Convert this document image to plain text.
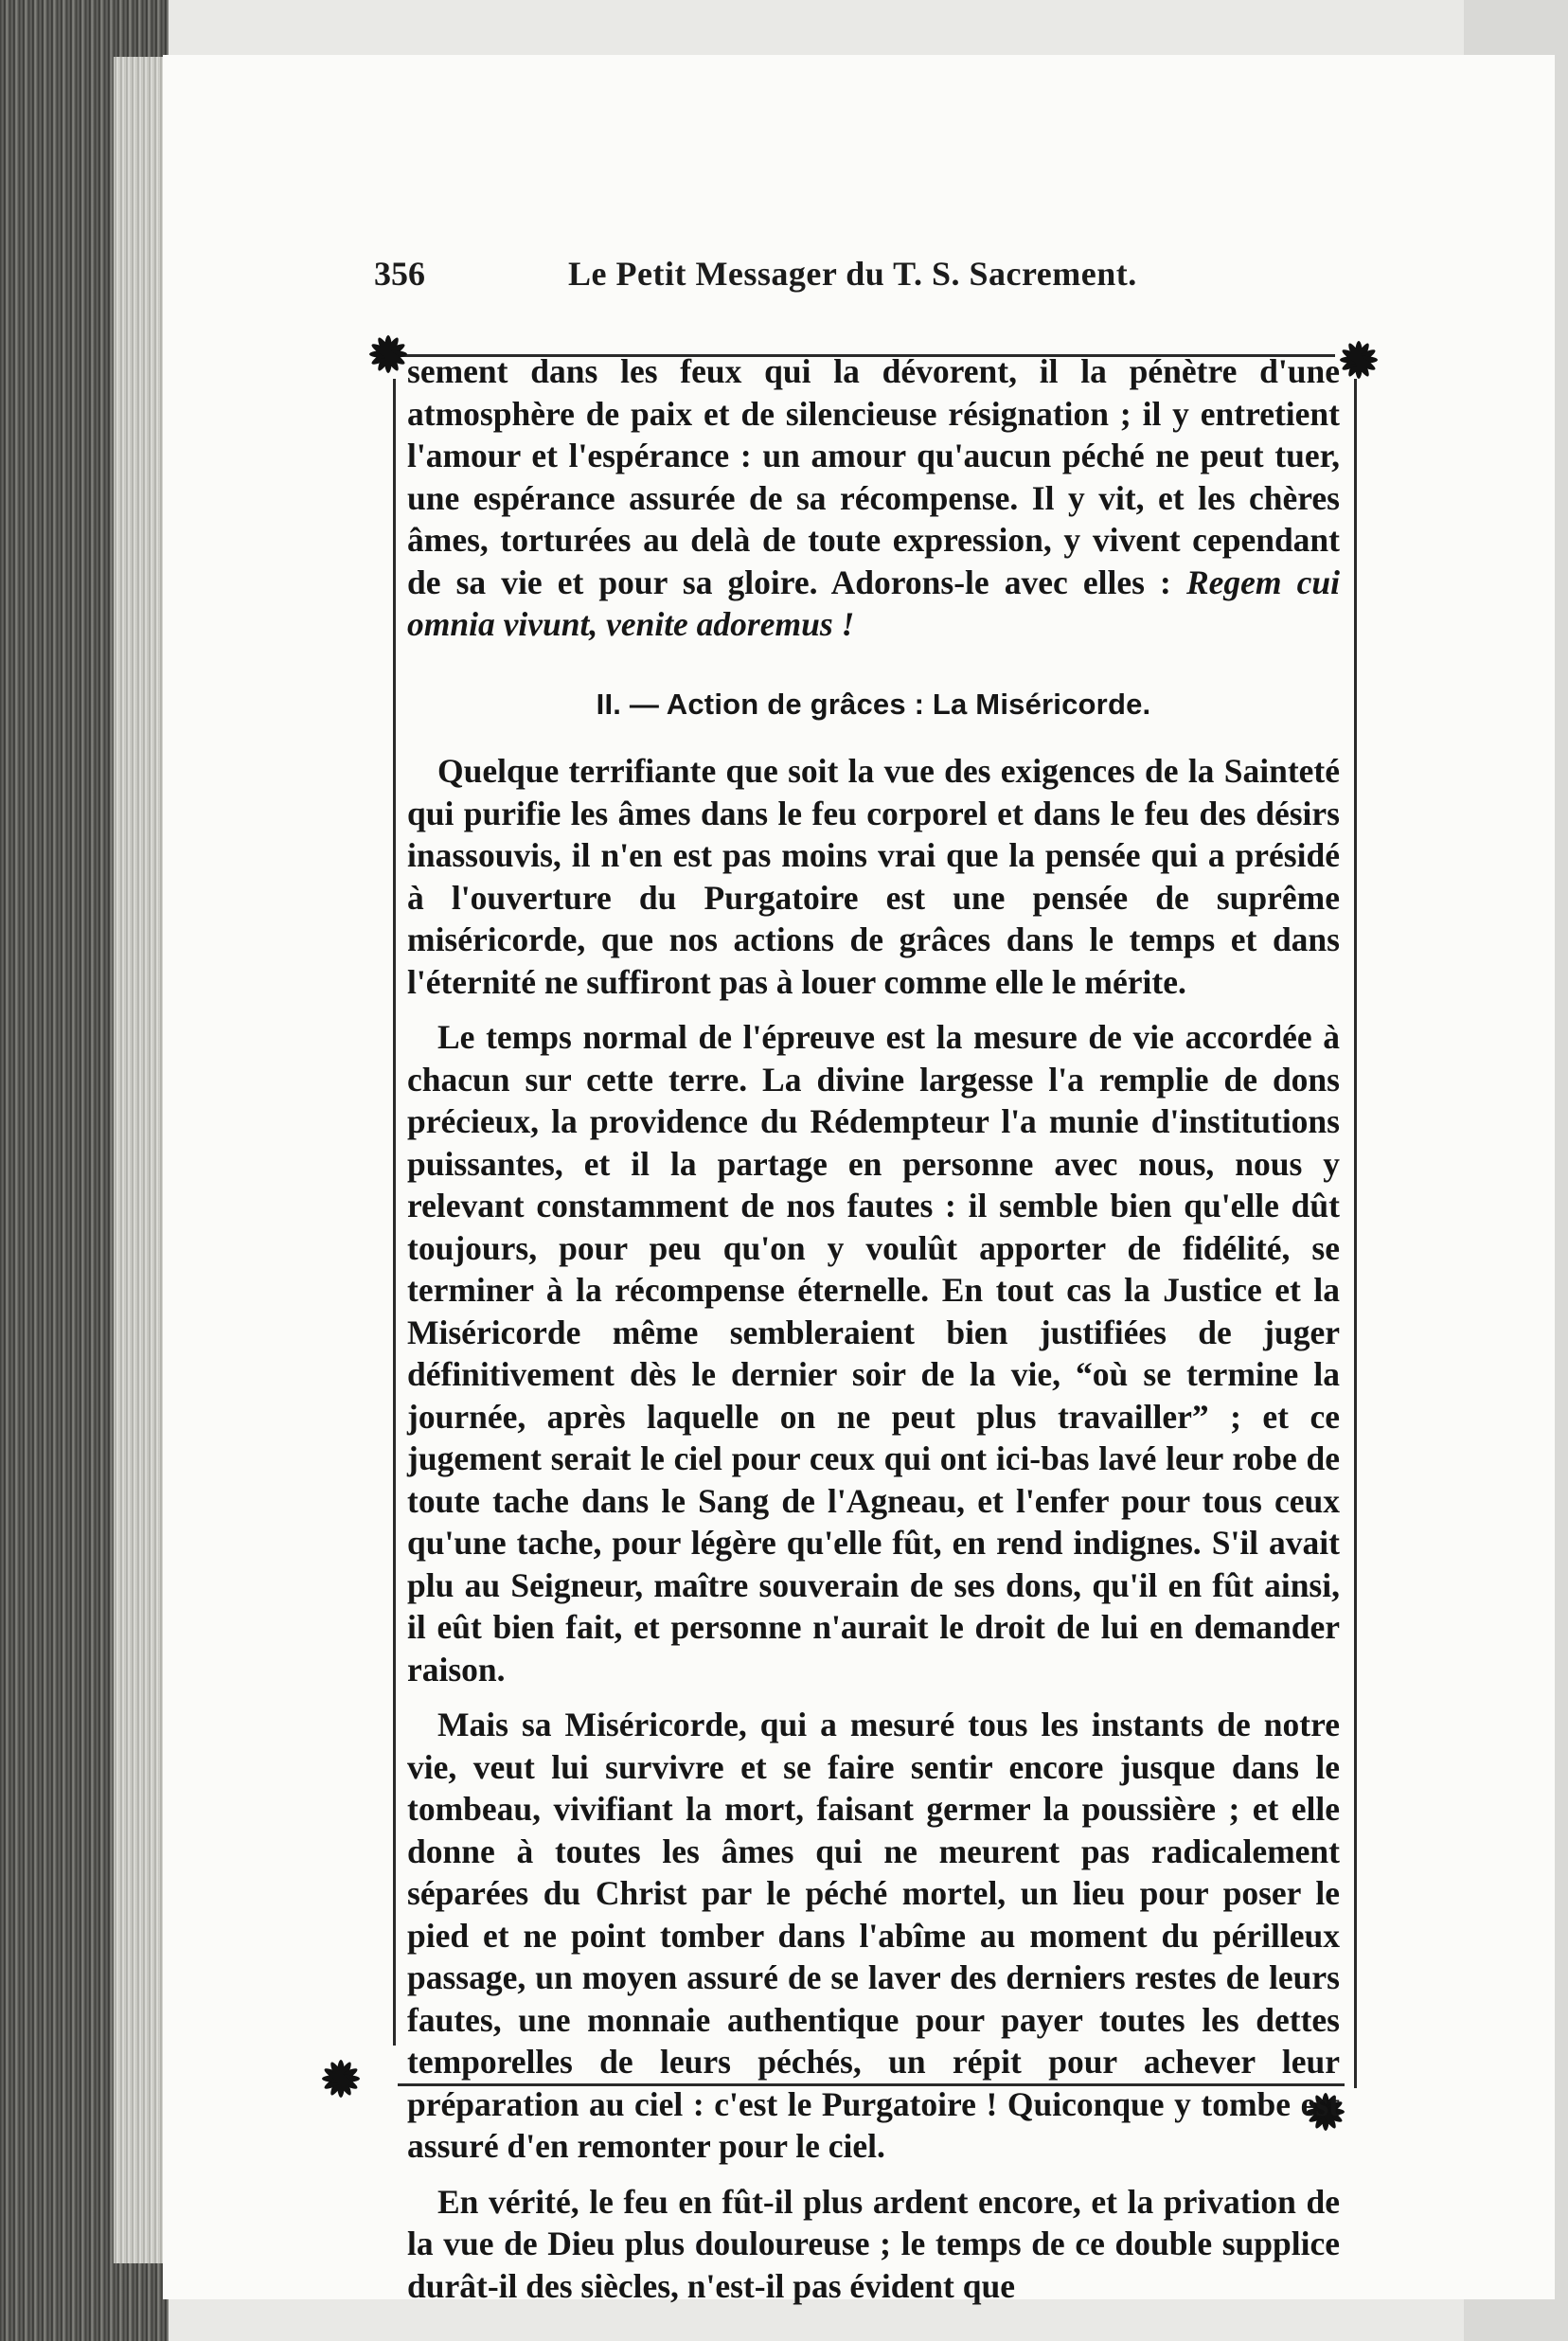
356	Le Petit Messager du T. S. Sacrement.

sement dans les feux qui la dévorent, il la pénètre d'une atmosphère de paix et de silencieuse résignation ; il y entretient l'amour et l'espérance : un amour qu'aucun péché ne peut tuer, une espérance assurée de sa récompense. Il y vit, et les chères âmes, torturées au delà de toute expression, y vivent cependant de sa vie et pour sa gloire. Adorons-le avec elles : Regem cui omnia vivunt, venite adoremus !

II. — Action de grâces : La Miséricorde.

Quelque terrifiante que soit la vue des exigences de la Sainteté qui purifie les âmes dans le feu corporel et dans le feu des désirs inassouvis, il n'en est pas moins vrai que la pensée qui a présidé à l'ouverture du Purgatoire est une pensée de suprême miséricorde, que nos actions de grâces dans le temps et dans l'éternité ne suffiront pas à louer comme elle le mérite.

Le temps normal de l'épreuve est la mesure de vie accordée à chacun sur cette terre. La divine largesse l'a remplie de dons précieux, la providence du Rédempteur l'a munie d'institutions puissantes, et il la partage en personne avec nous, nous y relevant constamment de nos fautes : il semble bien qu'elle dût toujours, pour peu qu'on y voulût apporter de fidélité, se terminer à la récompense éternelle. En tout cas la Justice et la Miséricorde même sembleraient bien justifiées de juger définitivement dès le dernier soir de la vie, “où se termine la journée, après laquelle on ne peut plus travailler” ; et ce jugement serait le ciel pour ceux qui ont ici-bas lavé leur robe de toute tache dans le Sang de l'Agneau, et l'enfer pour tous ceux qu'une tache, pour légère qu'elle fût, en rend indignes. S'il avait plu au Seigneur, maître souverain de ses dons, qu'il en fût ainsi, il eût bien fait, et personne n'aurait le droit de lui en demander raison.

Mais sa Miséricorde, qui a mesuré tous les instants de notre vie, veut lui survivre et se faire sentir encore jusque dans le tombeau, vivifiant la mort, faisant germer la poussière ; et elle donne à toutes les âmes qui ne meurent pas radicalement séparées du Christ par le péché mortel, un lieu pour poser le pied et ne point tomber dans l'abîme au moment du périlleux passage, un moyen assuré de se laver des derniers restes de leurs fautes, une monnaie authentique pour payer toutes les dettes temporelles de leurs péchés, un répit pour achever leur préparation au ciel : c'est le Purgatoire ! Quiconque y tombe est assuré d'en remonter pour le ciel.

En vérité, le feu en fût-il plus ardent encore, et la privation de la vue de Dieu plus douloureuse ; le temps de ce double supplice durât-il des siècles, n'est-il pas évident que
